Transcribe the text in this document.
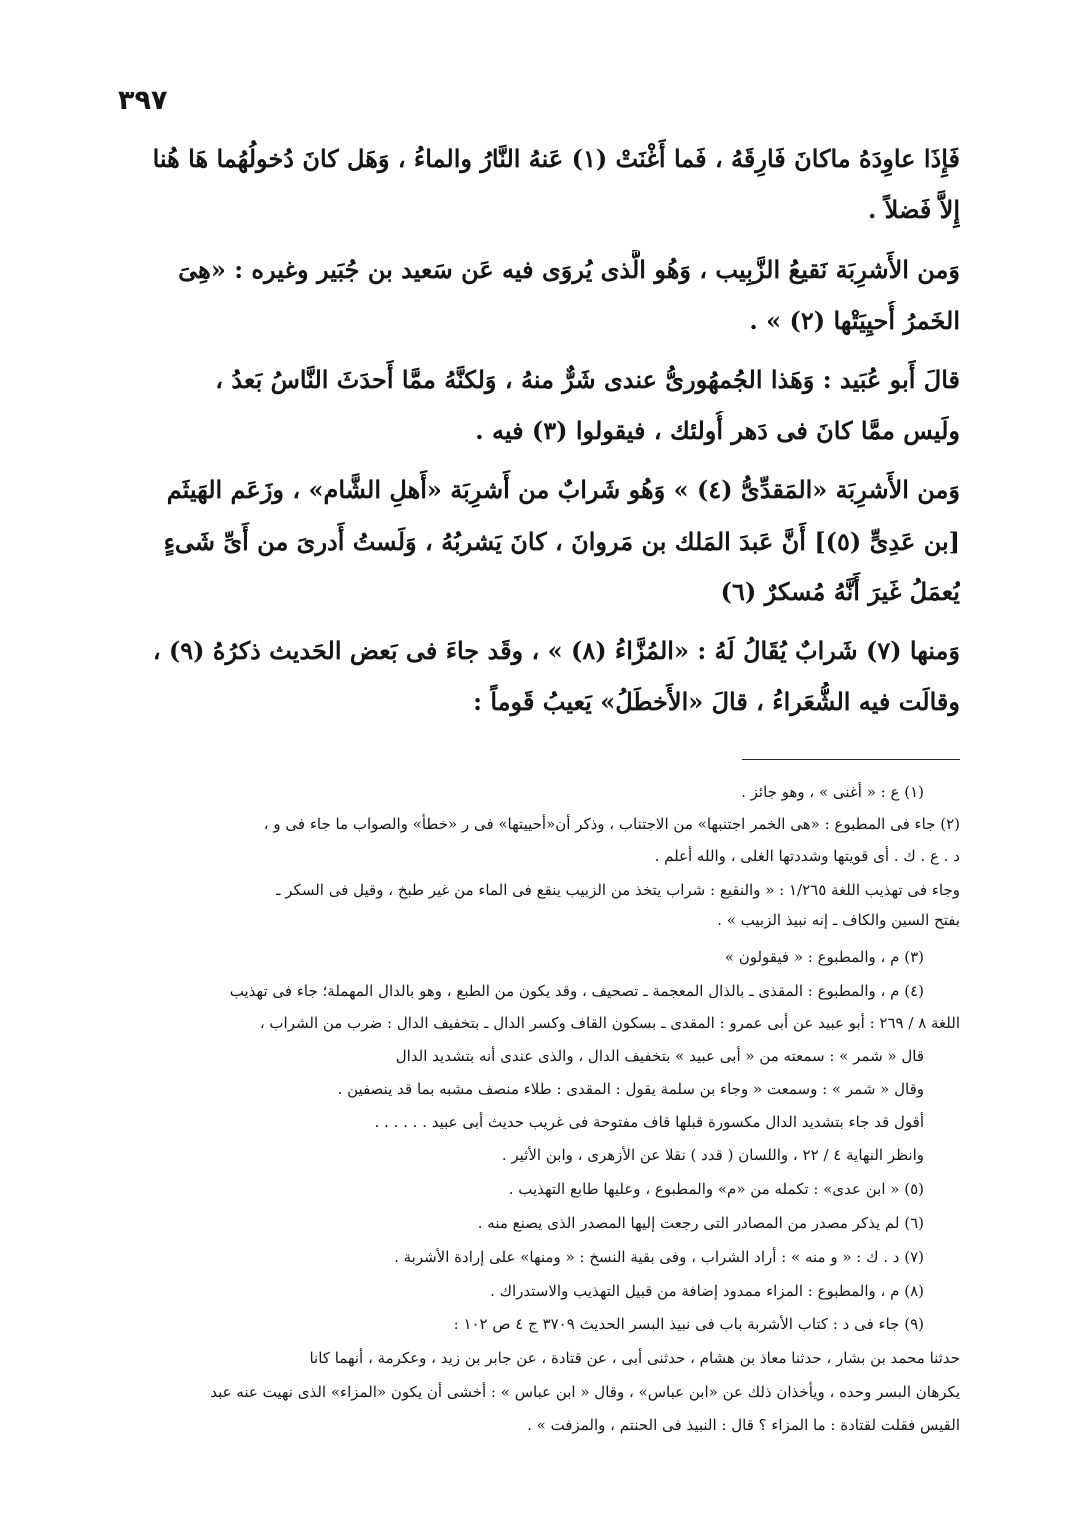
٣٩٧
فَإِذَا عاوِدَهُ ماكانَ فَارِقَهُ ، فَما أَغْنَتْ (١) عَنهُ النَّارُ والماءُ ، وَهَل كانَ دُخولُهُما هَا هُنا
إِلاَّ فَضلاً .
وَمن الأَشرِبَة نَقيعُ الزَّبِيب ، وَهُو الَّذى يُروَى فيه عَن سَعيد بن جُبَير وغيره : «هِىَ
الخَمرُ أُحيِيَتْها (٢) » .
قالَ أَبو عُبَيد : وَهَذا الجُمهُورىُّ عندى شَرٌّ منهُ ، وَلكنَّهُ ممَّا أَحدَثَ النَّاسُ بَعدُ ،
ولَيس ممَّا كانَ فى دَهر أُولئك ، فيقولوا (٣) فيه .
وَمن الأَشرِبَة «المَقدِّىُّ (٤) » وَهُو شَرابٌ من أَشرِبَة «أَهلِ الشَّام» ، وزَعَم الهَيثَم
[بن عَدِىٍّ (٥)] أَنَّ عَبدَ المَلك بن مَروانَ ، كانَ يَشربُهُ ، وَلَستُ أَدرىَ من أَىِّ شَىءٍ
يُعمَلُ غَيرَ أَنَّهُ مُسكرٌ (٦)
وَمنها (٧) شَرابٌ يُقَالُ لَهُ : «المُزَّاءُ (٨) » ، وقَد جاءَ فى بَعض الحَديث ذكرُهُ (٩) ،
وقالَت فيه الشُّعَراءُ ، قالَ «الأَخطَلُ» يَعيبُ قَوماً :
(١) ع : « أغنى » ، وهو جائز .
(٢) جاء فى المطبوع : «هى الخمر اجتنبها» من الاجتناب ، وذكر أن«أحييتها» فى ر «خطأ» والصواب ما جاء فى و ،
د . ع . ك . أى قويتها وشددتها الغلى ، والله أعلم .
وجاء فى تهذيب اللغة ١/٢٦٥ : « والنقيع : شراب يتخذ من الزبيب ينقع فى الماء من غير طبخ ، وقيل فى السكر ـ
بفتح السين والكاف ـ إنه نبيذ الزبيب » .
(٣) م ، والمطبوع : « فيقولون »
(٤) م ، والمطبوع : المقذى ـ بالذال المعجمة ـ تصحيف ، وقد يكون من الطبع ، وهو بالدال المهملة؛ جاء فى تهذيب
اللغة ٨ / ٢٦٩ : أبو عبيد عن أبى عمرو : المقدى ـ بسكون القاف وكسر الدال ـ بتخفيف الدال : ضرب من الشراب ،
قال « شمر » : سمعته من « أبى عبيد » بتخفيف الدال ، والذى عندى أنه بتشديد الدال
وقال « شمر » : وسمعت « وجاء بن سلمة يقول : المقدى : طلاء منصف مشبه بما قد ينصفين .
أقول قد جاء بتشديد الدال مكسورة قبلها قاف مفتوحة فى غريب حديث أبى عبيد . . . . . .
وانظر النهاية ٤ / ٢٢ ، واللسان ( قدد ) نقلا عن الأزهرى ، وابن الأثير .
(٥) « ابن عدى» : تكمله من «م» والمطبوع ، وعليها طابع التهذيب .
(٦) لم يذكر مصدر من المصادر التى رجعت إليها المصدر الذى يصنع منه .
(٧) د . ك : « و منه » : أراد الشراب ، وفى بقية النسخ : « ومنها» على إرادة الأشربة .
(٨) م ، والمطبوع : المزاء ممدود إضافة من قبيل التهذيب والاستدراك .
(٩) جاء فى د : كتاب الأشربة باب فى نبيذ البسر الحديث ٣٧٠٩ ج ٤ ص ١٠٢ :
حدثنا محمد بن بشار ، حدثنا معاذ بن هشام ، حدثنى أبى ، عن قتادة ، عن جابر بن زيد ، وعكرمة ، أنهما كانا
يكرهان البسر وحده ، ويأخذان ذلك عن «ابن عباس» ، وقال « ابن عباس » : أخشى أن يكون «المزاء» الذى نهيت عنه عبد
القيس فقلت لقتادة : ما المزاء ؟ قال : النبيذ فى الحنتم ، والمزفت » .
